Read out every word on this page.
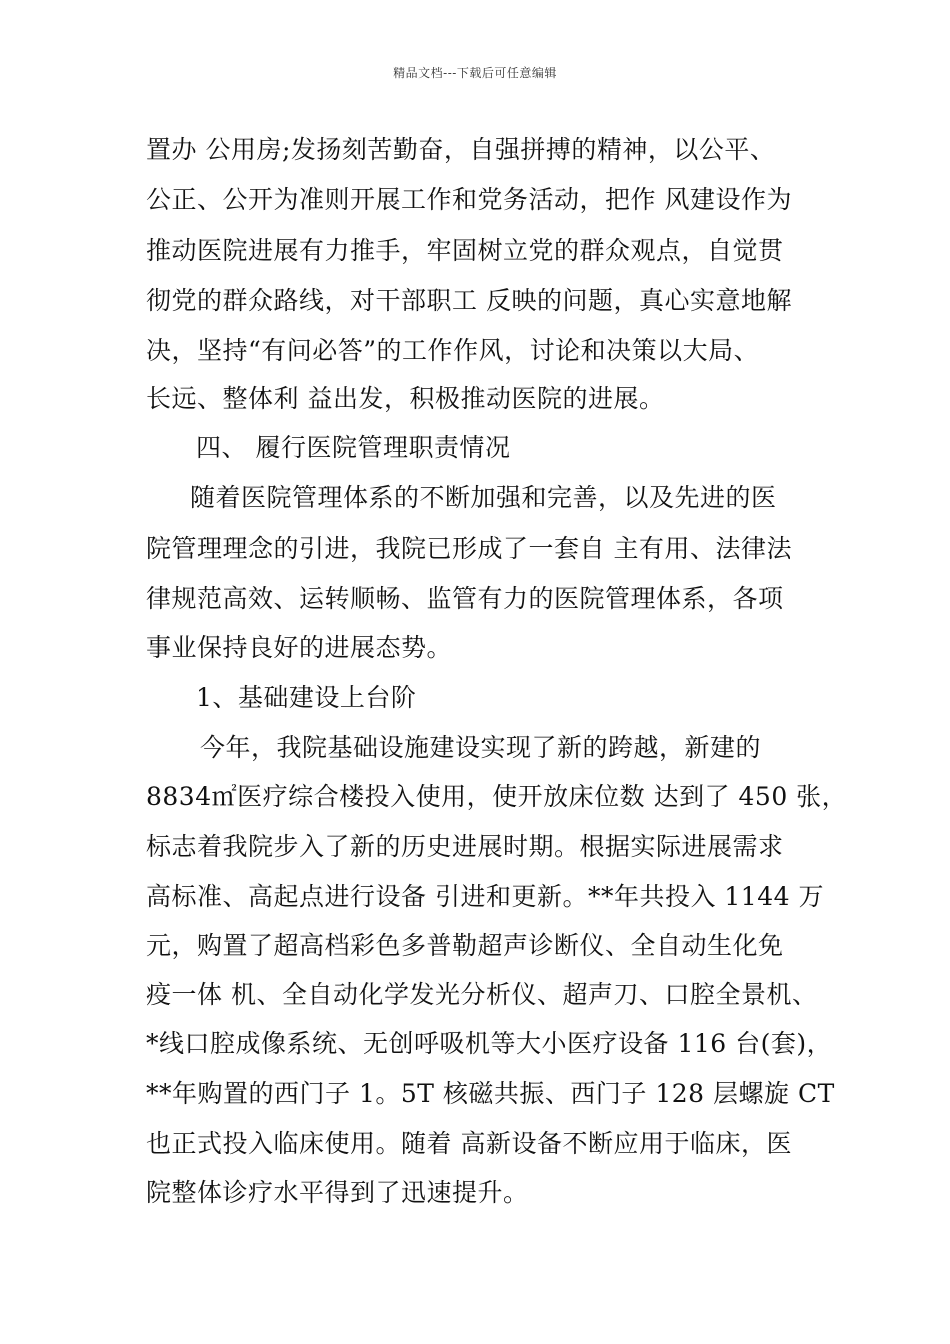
精品文档---下载后可任意编辑
置办 公用房;发扬刻苦勤奋，自强拼搏的精神，以公平、
公正、公开为准则开展工作和党务活动，把作 风建设作为
推动医院进展有力推手，牢固树立党的群众观点，自觉贯
彻党的群众路线，对干部职工 反映的问题，真心实意地解
决，坚持“有问必答”的工作作风，讨论和决策以大局、
长远、整体利 益出发，积极推动医院的进展。
四、 履行医院管理职责情况
随着医院管理体系的不断加强和完善，以及先进的医
院管理理念的引进，我院已形成了一套自 主有用、法律法
律规范高效、运转顺畅、监管有力的医院管理体系，各项
事业保持良好的进展态势。
1、基础建设上台阶
今年，我院基础设施建设实现了新的跨越，新建的
8834㎡医疗综合楼投入使用，使开放床位数 达到了 450 张，
标志着我院步入了新的历史进展时期。根据实际进展需求
高标准、高起点进行设备 引进和更新。**年共投入 1144 万
元，购置了超高档彩色多普勒超声诊断仪、全自动生化免
疫一体 机、全自动化学发光分析仪、超声刀、口腔全景机、
*线口腔成像系统、无创呼吸机等大小医疗设备 116 台(套)，
**年购置的西门子 1。5T 核磁共振、西门子 128 层螺旋 CT
也正式投入临床使用。随着 高新设备不断应用于临床，医
院整体诊疗水平得到了迅速提升。
